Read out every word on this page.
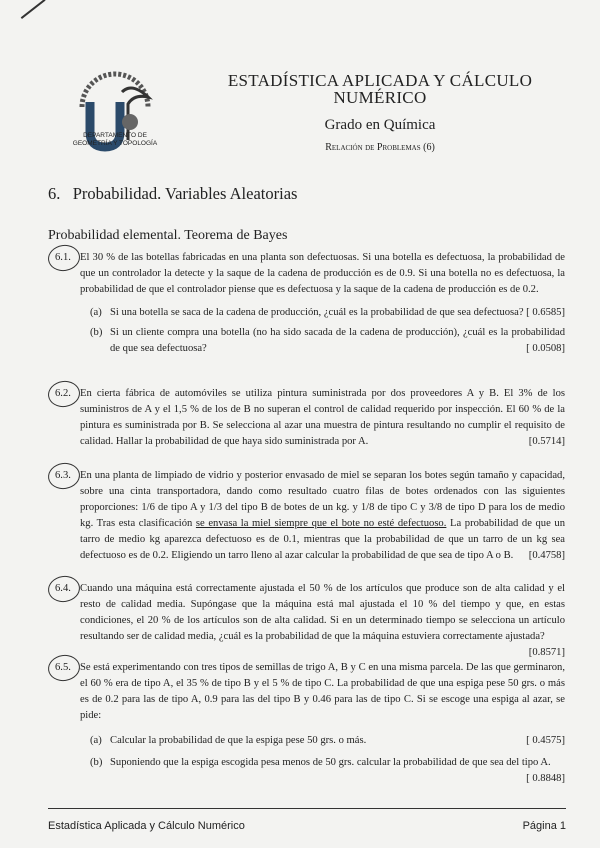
DEPARTAMENTO DE
GEOMETRÍA Y TOPOLOGÍA
ESTADÍSTICA APLICADA Y CÁLCULO
NUMÉRICO
Grado en Química
Relación de Problemas (6)
6. Probabilidad. Variables Aleatorias
Probabilidad elemental. Teorema de Bayes
6.1. El 30 % de las botellas fabricadas en una planta son defectuosas. Si una botella es defectuosa, la probabilidad de que un controlador la detecte y la saque de la cadena de producción es de 0.9. Si una botella no es defectuosa, la probabilidad de que el controlador piense que es defectuosa y la saque de la cadena de producción es de 0.2.
(a) Si una botella se saca de la cadena de producción, ¿cuál es la probabilidad de que sea defectuosa? [ 0.6585]
(b) Si un cliente compra una botella (no ha sido sacada de la cadena de producción), ¿cuál es la probabilidad de que sea defectuosa?	[ 0.0508]
6.2. En cierta fábrica de automóviles se utiliza pintura suministrada por dos proveedores A y B. El 3% de los suministros de A y el 1,5 % de los de B no superan el control de calidad requerido por inspección. El 60 % de la pintura es suministrada por B. Se selecciona al azar una muestra de pintura resultando no cumplir el requisito de calidad. Hallar la probabilidad de que haya sido suministrada por A.	[0.5714]
6.3. En una planta de limpiado de vidrio y posterior envasado de miel se separan los botes según tamaño y capacidad, sobre una cinta transportadora, dando como resultado cuatro filas de botes ordenados con las siguientes proporciones: 1/6 de tipo A y 1/3 del tipo B de botes de un kg. y 1/8 de tipo C y 3/8 de tipo D para los de medio kg. Tras esta clasificación se envasa la miel siempre que el bote no esté defectuoso. La probabilidad de que un tarro de medio kg aparezca defectuoso es de 0.1, mientras que la probabilidad de que un tarro de un kg sea defectuoso es de 0.2. Eligiendo un tarro lleno al azar calcular la probabilidad de que sea de tipo A o B. [0.4758]
6.4. Cuando una máquina está correctamente ajustada el 50 % de los artículos que produce son de alta calidad y el resto de calidad media. Supóngase que la máquina está mal ajustada el 10 % del tiempo y que, en estas condiciones, el 20 % de los artículos son de alta calidad. Si en un determinado tiempo se selecciona un artículo resultando ser de calidad media, ¿cuál es la probabilidad de que la máquina estuviera correctamente ajustada?
[0.8571]
6.5. Se está experimentando con tres tipos de semillas de trigo A, B y C en una misma parcela. De las que germinaron, el 60 % era de tipo A, el 35 % de tipo B y el 5 % de tipo C. La probabilidad de que una espiga pese 50 grs. o más es de 0.2 para las de tipo A, 0.9 para las del tipo B y 0.46 para las de tipo C. Si se escoge una espiga al azar, se pide:
(a) Calcular la probabilidad de que la espiga pese 50 grs. o más.	[ 0.4575]
(b) Suponiendo que la espiga escogida pesa menos de 50 grs. calcular la probabilidad de que sea del tipo A.
[ 0.8848]
Estadística Aplicada y Cálculo Numérico	Página 1
